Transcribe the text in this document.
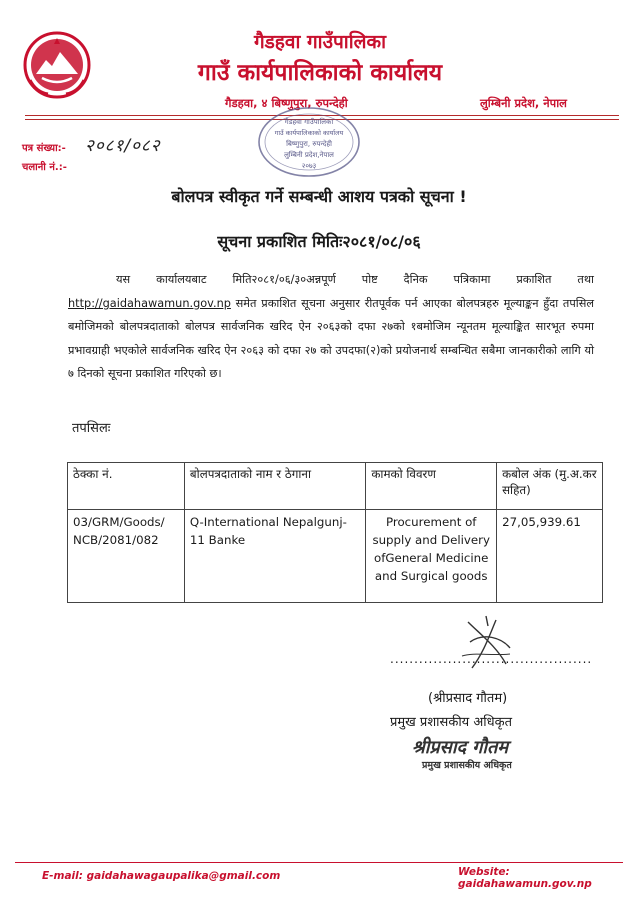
गैडहवा गाउँपालिका
गाउँ कार्यपालिकाको कार्यालय
गैडहवा, ४ बिष्णुपुरा, रुपन्देही	लुम्बिनी प्रदेश, नेपाल
गैडहवा गाउँपालिका
गाउँ कार्यपालिकाको कार्यालय
बिष्णुपुरा, रुपन्देही
लुम्बिनी प्रदेश,नेपाल
२०७३
पत्र संख्या:- २०८१/०८२
चलानी नं.:-
बोलपत्र स्वीकृत गर्ने सम्बन्धी आशय पत्रको सूचना !
सूचना प्रकाशित मितिः२०८१/०८/०६

यस कार्यालयबाट मिति२०८१/०६/३०अन्नपूर्ण पोष्ट दैनिक पत्रिकामा प्रकाशित तथा http://gaidahawamun.gov.np समेत प्रकाशित सूचना अनुसार रीतपूर्वक पर्न आएका बोलपत्रहरु मूल्याङ्कन हुँदा तपसिल बमोजिमको बोलपत्रदाताको बोलपत्र सार्वजनिक खरिद ऐन २०६३को दफा २७को १बमोजिम न्यूनतम मूल्याङ्कित सारभूत रुपमा प्रभावग्राही भएकोले सार्वजनिक खरिद ऐन २०६३ को दफा २७ को उपदफा(२)को प्रयोजनार्थ सम्बन्धित सबैमा जानकारीको लागि यो ७ दिनको सूचना प्रकाशित गरिएको छ।

तपसिलः
ठेक्का नं.	बोलपत्रदाताको नाम र ठेगाना	कामको विवरण	कबोल अंक (मु.अ.कर सहित)
03/GRM/Goods/ NCB/2081/082	Q-International Nepalgunj-11 Banke	Procurement of supply and Delivery ofGeneral Medicine and Surgical goods	27,05,939.61
..........................................
(श्रीप्रसाद गौतम)
प्रमुख प्रशासकीय अधिकृत
श्रीप्रसाद गौतम
प्रमुख प्रशासकीय अधिकृत
E-mail: gaidahawagaupalika@gmail.com	Website: gaidahawamun.gov.np
